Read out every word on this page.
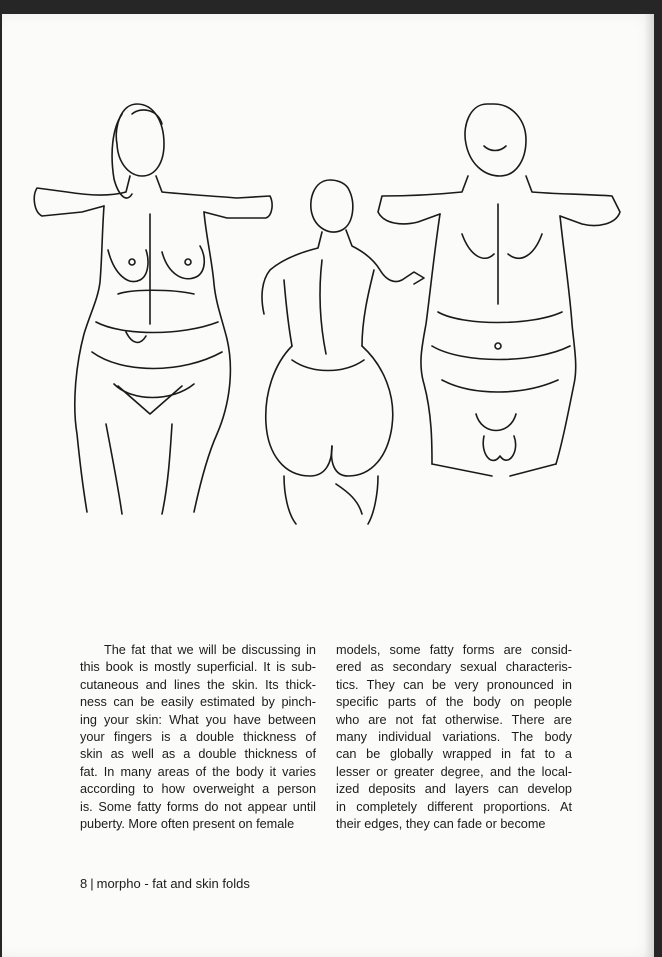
The fat that we will be discussing in
this book is mostly superficial. It is sub-
cutaneous and lines the skin. Its thick-
ness can be easily estimated by pinch-
ing your skin: What you have between
your fingers is a double thickness of
skin as well as a double thickness of
fat. In many areas of the body it varies
according to how overweight a person
is. Some fatty forms do not appear until
puberty. More often present on female
models, some fatty forms are consid-
ered as secondary sexual characteris-
tics. They can be very pronounced in
specific parts of the body on people
who are not fat otherwise. There are
many individual variations. The body
can be globally wrapped in fat to a
lesser or greater degree, and the local-
ized deposits and layers can develop
in completely different proportions. At
their edges, they can fade or become
8 | morpho - fat and skin folds
